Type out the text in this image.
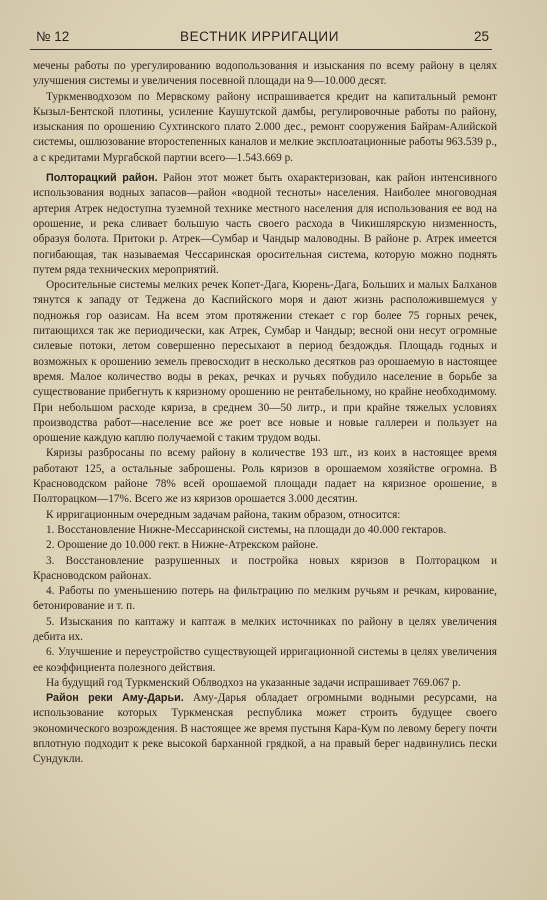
№ 12	ВЕСТНИК ИРРИГАЦИИ	25

мечены работы по урегулированию водопользования и изыскания по всему району в целях улучшения системы и увеличения посевной площади на 9—10.000 десят.

Туркменводхозом по Мервскому району испрашивается кредит на капитальный ремонт Кызыл-Бентской плотины, усиление Каушутской дамбы, регулировочные работы по району, изыскания по орошению Сухтинского плато 2.000 дес., ремонт сооружения Байрам-Алийской системы, ошлюзование второстепенных каналов и мелкие эксплоатационные работы 963.539 р., а с кредитами Мургабской партии всего—1.543.669 р.

Полторацкий район. Район этот может быть охарактеризован, как район интенсивного использования водных запасов—район «водной тесноты» населения. Наиболее многоводная артерия Атрек недоступна туземной технике местного населения для использования ее вод на орошение, и река сливает большую часть своего расхода в Чикишлярскую низменность, образуя болота. Притоки р. Атрек—Сумбар и Чандыр маловодны. В районе р. Атрек имеется погибающая, так называемая Чессаринская оросительная система, которую можно поднять путем ряда технических мероприятий.

Оросительные системы мелких речек Копет-Дага, Кюрень-Дага, Больших и малых Балханов тянутся к западу от Теджена до Каспийского моря и дают жизнь расположившемуся у подножья гор оазисам. На всем этом протяжении стекает с гор более 75 горных речек, питающихся так же периодически, как Атрек, Сумбар и Чандыр; весной они несут огромные силевые потоки, летом совершенно пересыхают в период бездождья. Площадь годных и возможных к орошению земель превосходит в несколько десятков раз орошаемую в настоящее время. Малое количество воды в реках, речках и ручьях побудило население в борьбе за существование прибегнуть к кяризному орошению не рентабельному, но крайне необходимому. При небольшом расходе кяриза, в среднем 30—50 литр., и при крайне тяжелых условиях производства работ—население все же роет все новые и новые галлереи и пользует на орошение каждую каплю получаемой с таким трудом воды.

Кяризы разбросаны по всему району в количестве 193 шт., из коих в настоящее время работают 125, а остальные заброшены. Роль кяризов в орошаемом хозяйстве огромна. В Красноводском районе 78% всей орошаемой площади падает на кяризное орошение, в Полторацком—17%. Всего же из кяризов орошается 3.000 десятин.

К ирригационным очередным задачам района, таким образом, относится:

1. Восстановление Нижне-Мессаринской системы, на площади до 40.000 гектаров.

2. Орошение до 10.000 гект. в Нижне-Атрекском районе.

3. Восстановление разрушенных и постройка новых кяризов в Полторацком и Красноводском районах.

4. Работы по уменьшению потерь на фильтрацию по мелким ручьям и речкам, кирование, бетонирование и т. п.

5. Изыскания по каптажу и каптаж в мелких источниках по району в целях увеличения дебита их.

6. Улучшение и переустройство существующей ирригационной системы в целях увеличения ее коэффициента полезного действия.

На будущий год Туркменский Облводхоз на указанные задачи испрашивает 769.067 р.

Район реки Аму-Дарьи. Аму-Дарья обладает огромными водными ресурсами, на использование которых Туркменская республика может строить будущее своего экономического возрождения. В настоящее же время пустыня Кара-Кум по левому берегу почти вплотную подходит к реке высокой барханной грядкой, а на правый берег надвинулись пески Сундукли.
